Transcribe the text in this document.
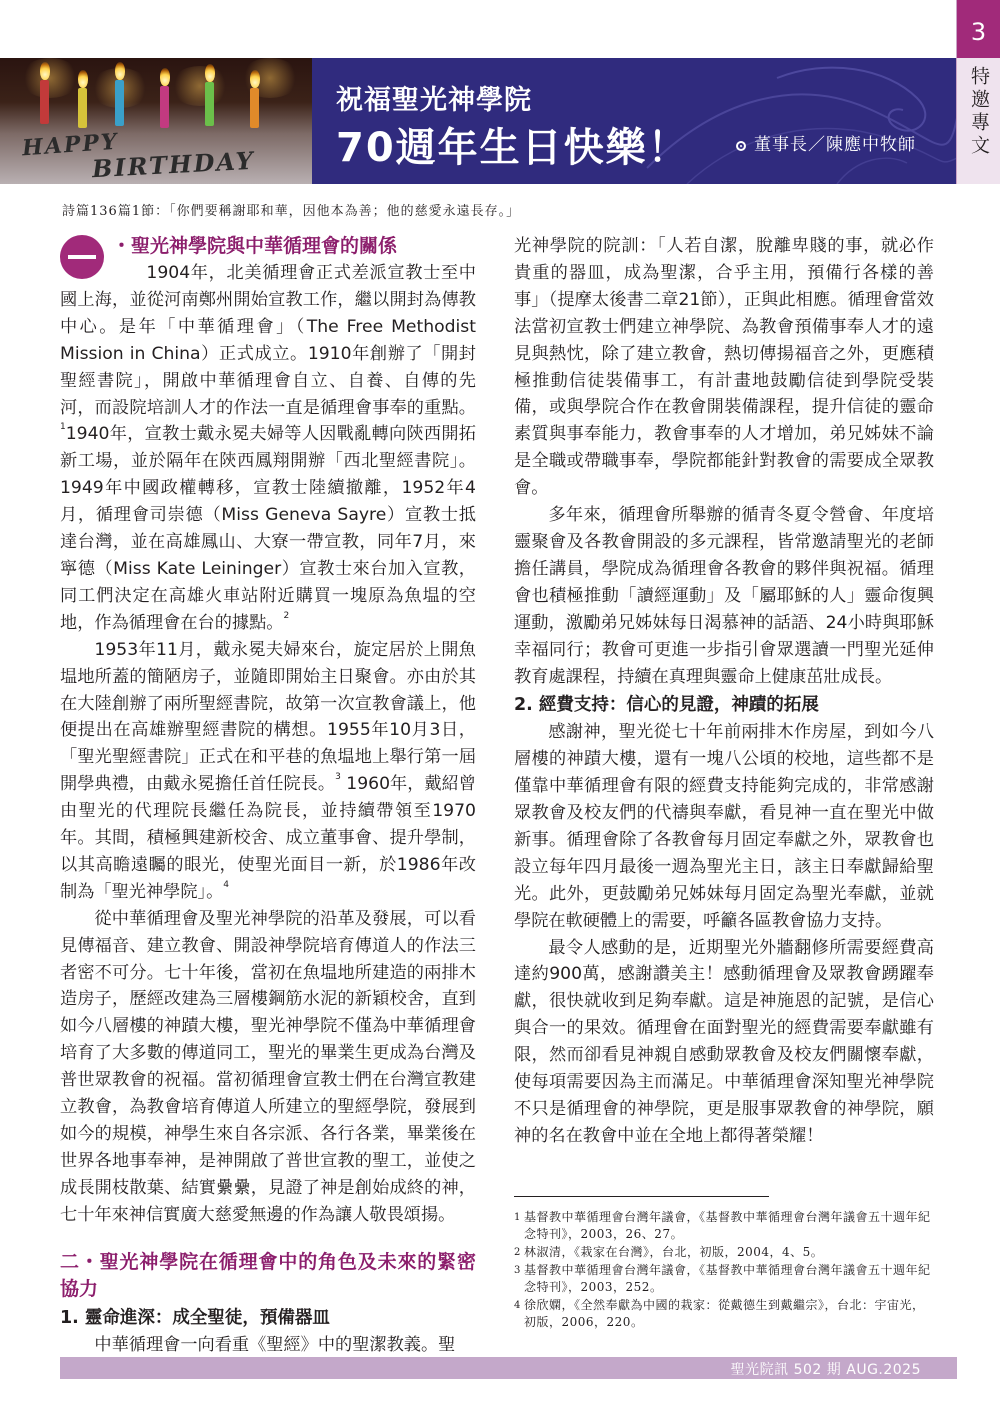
HAPPY
BIRTHDAY
祝福聖光神學院
70週年生日快樂！	董事長／陳應中牧師
3
特邀專文
詩篇136篇1節：「你們要稱謝耶和華，因他本為善；他的慈愛永遠長存。」

・聖光神學院與中華循理會的關係

1904年，北美循理會正式差派宣教士至中國上海，並從河南鄭州開始宣教工作，繼以開封為傳教中心。是年「中華循理會」（The Free Methodist Mission in China）正式成立。1910年創辦了「開封聖經書院」，開啟中華循理會自立、自養、自傳的先河，而設院培訓人才的作法一直是循理會事奉的重點。$^1$1940年，宣教士戴永冕夫婦等人因戰亂轉向陝西開拓新工場，並於隔年在陝西鳳翔開辦「西北聖經書院」。1949年中國政權轉移，宣教士陸續撤離，1952年4月，循理會司崇德（Miss Geneva Sayre）宣教士抵達台灣，並在高雄鳳山、大寮一帶宣教，同年7月，來寧德（Miss Kate Leininger）宣教士來台加入宣教，同工們決定在高雄火車站附近購買一塊原為魚塭的空地，作為循理會在台的據點。$^2$

1953年11月，戴永冕夫婦來台，旋定居於上開魚塭地所蓋的簡陋房子，並隨即開始主日聚會。亦由於其在大陸創辦了兩所聖經書院，故第一次宣教會議上，他便提出在高雄辦聖經書院的構想。1955年10月3日，「聖光聖經書院」正式在和平巷的魚塭地上舉行第一屆開學典禮，由戴永冕擔任首任院長。$^3$ 1960年，戴紹曾由聖光的代理院長繼任為院長，並持續帶領至1970年。其間，積極興建新校舍、成立董事會、提升學制，以其高瞻遠矚的眼光，使聖光面目一新，於1986年改制為「聖光神學院」。$^4$

從中華循理會及聖光神學院的沿革及發展，可以看見傳福音、建立教會、開設神學院培育傳道人的作法三者密不可分。七十年後，當初在魚塭地所建造的兩排木造房子，歷經改建為三層樓鋼筋水泥的新穎校舍，直到如今八層樓的神蹟大樓，聖光神學院不僅為中華循理會培育了大多數的傳道同工，聖光的畢業生更成為台灣及普世眾教會的祝福。當初循理會宣教士們在台灣宣教建立教會，為教會培育傳道人所建立的聖經學院，發展到如今的規模，神學生來自各宗派、各行各業，畢業後在世界各地事奉神，是神開啟了普世宣教的聖工，並使之成長開枝散葉、結實纍纍，見證了神是創始成終的神，七十年來神信實廣大慈愛無邊的作為讓人敬畏頌揚。

二・聖光神學院在循理會中的角色及未來的緊密協力

1. 靈命進深：成全聖徒，預備器皿

中華循理會一向看重《聖經》中的聖潔教義。聖

光神學院的院訓：「人若自潔，脫離卑賤的事，就必作貴重的器皿，成為聖潔，合乎主用，預備行各樣的善事」（提摩太後書二章21節），正與此相應。循理會當效法當初宣教士們建立神學院、為教會預備事奉人才的遠見與熱忱，除了建立教會，熱切傳揚福音之外，更應積極推動信徒裝備事工，有計畫地鼓勵信徒到學院受裝備，或與學院合作在教會開裝備課程，提升信徒的靈命素質與事奉能力，教會事奉的人才增加，弟兄姊妹不論是全職或帶職事奉，學院都能針對教會的需要成全眾教會。

多年來，循理會所舉辦的循青冬夏令營會、年度培靈聚會及各教會開設的多元課程，皆常邀請聖光的老師擔任講員，學院成為循理會各教會的夥伴與祝福。循理會也積極推動「讀經運動」及「屬耶穌的人」靈命復興運動，激勵弟兄姊妹每日渴慕神的話語、24小時與耶穌幸福同行；教會可更進一步指引會眾選讀一門聖光延伸教育處課程，持續在真理與靈命上健康茁壯成長。

2. 經費支持：信心的見證，神蹟的拓展

感謝神，聖光從七十年前兩排木作房屋，到如今八層樓的神蹟大樓，還有一塊八公頃的校地，這些都不是僅靠中華循理會有限的經費支持能夠完成的，非常感謝眾教會及校友們的代禱與奉獻，看見神一直在聖光中做新事。循理會除了各教會每月固定奉獻之外，眾教會也設立每年四月最後一週為聖光主日，該主日奉獻歸給聖光。此外，更鼓勵弟兄姊妹每月固定為聖光奉獻，並就學院在軟硬體上的需要，呼籲各區教會協力支持。

最令人感動的是，近期聖光外牆翻修所需要經費高達約900萬，感謝讚美主！感動循理會及眾教會踴躍奉獻，很快就收到足夠奉獻。這是神施恩的記號，是信心與合一的果效。循理會在面對聖光的經費需要奉獻雖有限，然而卻看見神親自感動眾教會及校友們關懷奉獻，使每項需要因為主而滿足。中華循理會深知聖光神學院不只是循理會的神學院，更是服事眾教會的神學院，願神的名在教會中並在全地上都得著榮耀！

1 基督教中華循理會台灣年議會，《基督教中華循理會台灣年議會五十週年紀念特刊》，2003，26、27。
2 林淑清，《栽家在台灣》，台北，初版，2004，4、5。
3 基督教中華循理會台灣年議會，《基督教中華循理會台灣年議會五十週年紀念特刊》，2003，252。
4 徐欣嫻，《全然奉獻為中國的栽家：從戴德生到戴繼宗》，台北：宇宙光，初版，2006，220。
聖光院訊 502 期 AUG.2025
